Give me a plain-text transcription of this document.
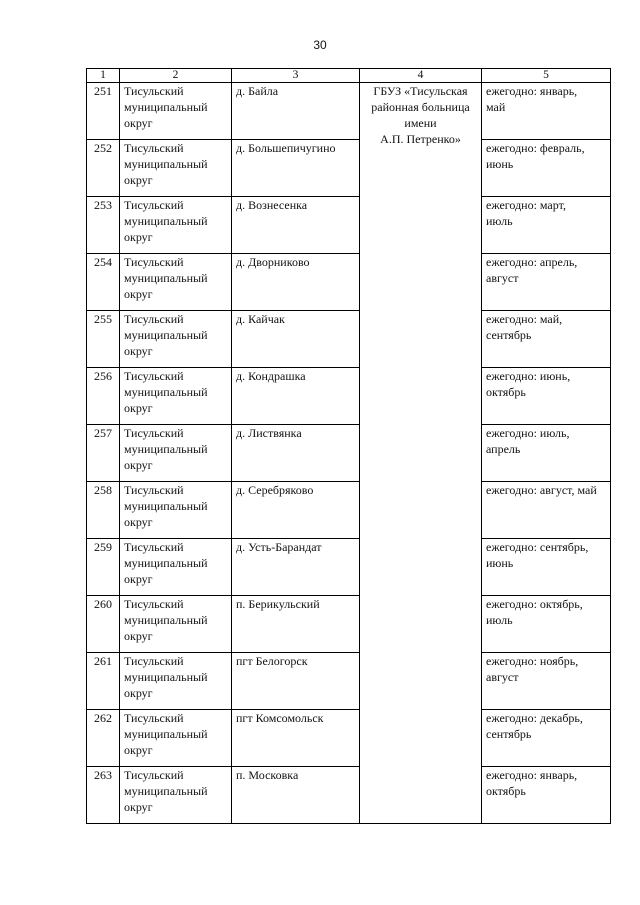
30
1	2	3	4	5
251	Тисульский
муниципальный
округ	д. Байла	ГБУЗ «Тисульская
районная больница
имени
А.П. Петренко»	ежегодно: январь,
май

252	Тисульский
муниципальный
округ	д. Большепичугино		ежегодно: февраль,
июнь

253	Тисульский
муниципальный
округ	д. Вознесенка		ежегодно: март,
июль

254	Тисульский
муниципальный
округ	д. Дворниково		ежегодно: апрель,
август

255	Тисульский
муниципальный
округ	д. Кайчак		ежегодно: май,
сентябрь

256	Тисульский
муниципальный
округ	д. Кондрашка		ежегодно: июнь,
октябрь

257	Тисульский
муниципальный
округ	д. Листвянка		ежегодно: июль,
апрель

258	Тисульский
муниципальный
округ	д. Серебряково		ежегодно: август, май

259	Тисульский
муниципальный
округ	д. Усть-Барандат		ежегодно: сентябрь,
июнь

260	Тисульский
муниципальный
округ	п. Берикульский		ежегодно: октябрь,
июль

261	Тисульский
муниципальный
округ	пгт Белогорск		ежегодно: ноябрь,
август

262	Тисульский
муниципальный
округ	пгт Комсомольск		ежегодно: декабрь,
сентябрь

263	Тисульский
муниципальный
округ	п. Московка		ежегодно: январь,
октябрь
